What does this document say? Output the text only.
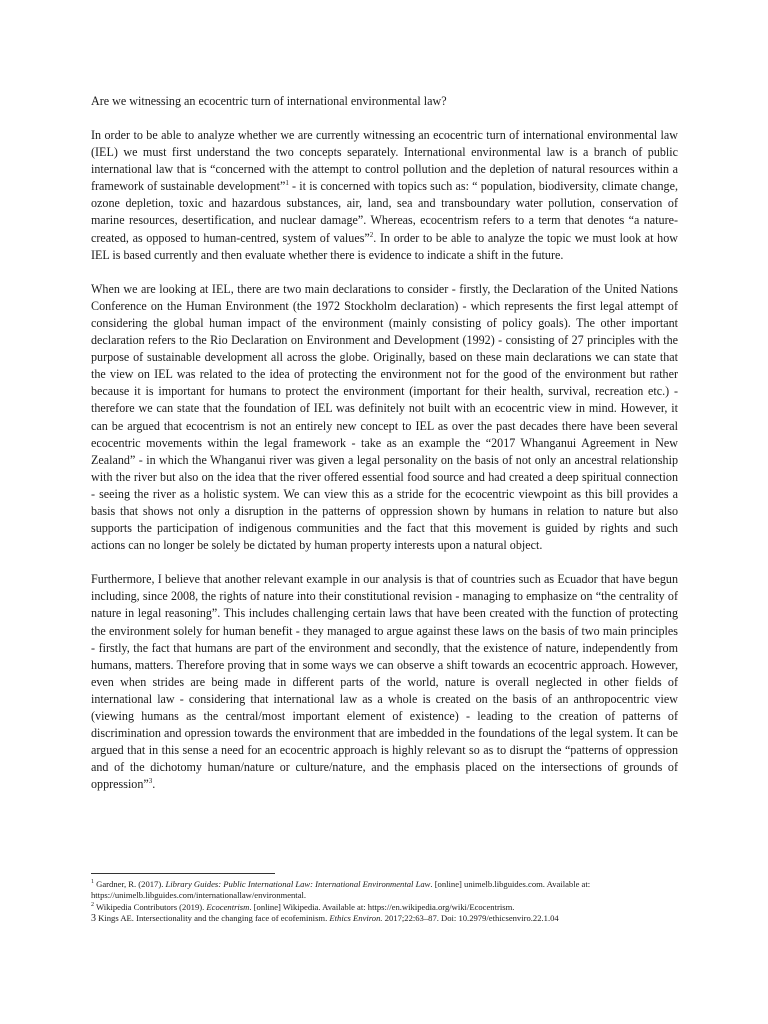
Are we witnessing an ecocentric turn of international environmental law?

In order to be able to analyze whether we are currently witnessing an ecocentric turn of international environmental law (IEL) we must first understand the two concepts separately. International environmental law is a branch of public international law that is “concerned with the attempt to control pollution and the depletion of natural resources within a framework of sustainable development”$^1$ - it is concerned with topics such as: “ population, biodiversity, climate change, ozone depletion, toxic and hazardous substances, air, land, sea and transboundary water pollution, conservation of marine resources, desertification, and nuclear damage”. Whereas, ecocentrism refers to a term that denotes “a nature-created, as opposed to human-centred, system of values”$^2$. In order to be able to analyze the topic we must look at how IEL is based currently and then evaluate whether there is evidence to indicate a shift in the future.

When we are looking at IEL, there are two main declarations to consider - firstly, the Declaration of the United Nations Conference on the Human Environment (the 1972 Stockholm declaration) - which represents the first legal attempt of considering the global human impact of the environment (mainly consisting of policy goals). The other important declaration refers to the Rio Declaration on Environment and Development (1992) - consisting of 27 principles with the purpose of sustainable development all across the globe. Originally, based on these main declarations we can state that the view on IEL was related to the idea of protecting the environment not for the good of the environment but rather because it is important for humans to protect the environment (important for their health, survival, recreation etc.) - therefore we can state that the foundation of IEL was definitely not built with an ecocentric view in mind. However, it can be argued that ecocentrism is not an entirely new concept to IEL as over the past decades there have been several ecocentric movements within the legal framework - take as an example the “2017 Whanganui Agreement in New Zealand” - in which the Whanganui river was given a legal personality on the basis of not only an ancestral relationship with the river but also on the idea that the river offered essential food source and had created a deep spiritual connection - seeing the river as a holistic system. We can view this as a stride for the ecocentric viewpoint as this bill provides a basis that shows not only a disruption in the patterns of oppression shown by humans in relation to nature but also supports the participation of indigenous communities and the fact that this movement is guided by rights and such actions can no longer be solely be dictated by human property interests upon a natural object.

Furthermore, I believe that another relevant example in our analysis is that of countries such as Ecuador that have begun including, since 2008, the rights of nature into their constitutional revision - managing to emphasize on “the centrality of nature in legal reasoning”. This includes challenging certain laws that have been created with the function of protecting the environment solely for human benefit - they managed to argue against these laws on the basis of two main principles - firstly, the fact that humans are part of the environment and secondly, that the existence of nature, independently from humans, matters. Therefore proving that in some ways we can observe a shift towards an ecocentric approach. However, even when strides are being made in different parts of the world, nature is overall neglected in other fields of international law - considering that international law as a whole is created on the basis of an anthropocentric view (viewing humans as the central/most important element of existence) - leading to the creation of patterns of discrimination and opression towards the environment that are imbedded in the foundations of the legal system. It can be argued that in this sense a need for an ecocentric approach is highly relevant so as to disrupt the “patterns of oppression and of the dichotomy human/nature or culture/nature, and the emphasis placed on the intersections of grounds of oppression”$^3$.

$^1$ Gardner, R. (2017). Library Guides: Public International Law: International Environmental Law. [online] unimelb.libguides.com. Available at: https://unimelb.libguides.com/internationallaw/environmental.

$^2$ Wikipedia Contributors (2019). Ecocentrism. [online] Wikipedia. Available at: https://en.wikipedia.org/wiki/Ecocentrism.

3 Kings AE. Intersectionality and the changing face of ecofeminism. Ethics Environ. 2017;22:63–87. Doi: 10.2979/ethicsenviro.22.1.04
